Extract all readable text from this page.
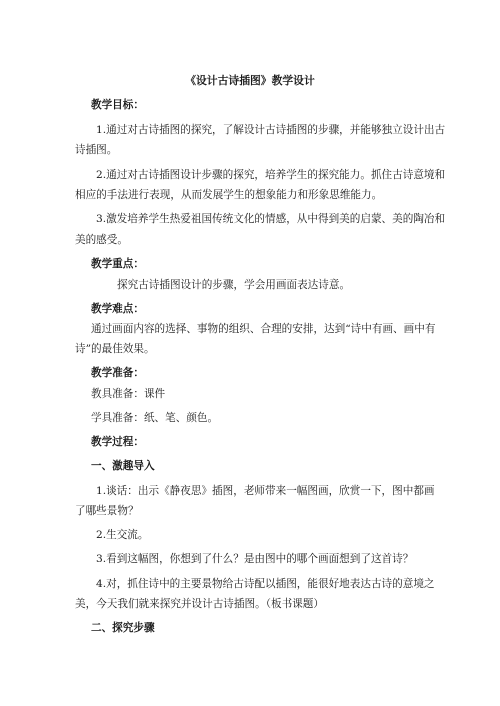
《设计古诗插图》教学设计
教学目标：
1.通过对古诗插图的探究，了解设计古诗插图的步骤，并能够独立设计出古
诗插图。
2.通过对古诗插图设计步骤的探究，培养学生的探究能力。抓住古诗意境和
相应的手法进行表现，从而发展学生的想象能力和形象思维能力。
3.激发培养学生热爱祖国传统文化的情感，从中得到美的启蒙、美的陶冶和
美的感受。
教学重点：
探究古诗插图设计的步骤，学会用画面表达诗意。
教学难点：
通过画面内容的选择、事物的组织、合理的安排，达到“诗中有画、画中有
诗”的最佳效果。
教学准备：
教具准备：课件
学具准备：纸、笔、颜色。
教学过程：
一、激趣导入
1.谈话：出示《静夜思》插图，老师带来一幅图画，欣赏一下，图中都画
了哪些景物？
2.生交流。
3.看到这幅图，你想到了什么？是由图中的哪个画面想到了这首诗？
4.对，抓住诗中的主要景物给古诗配以插图，能很好地表达古诗的意境之
美，今天我们就来探究并设计古诗插图。（板书课题）
二、探究步骤
